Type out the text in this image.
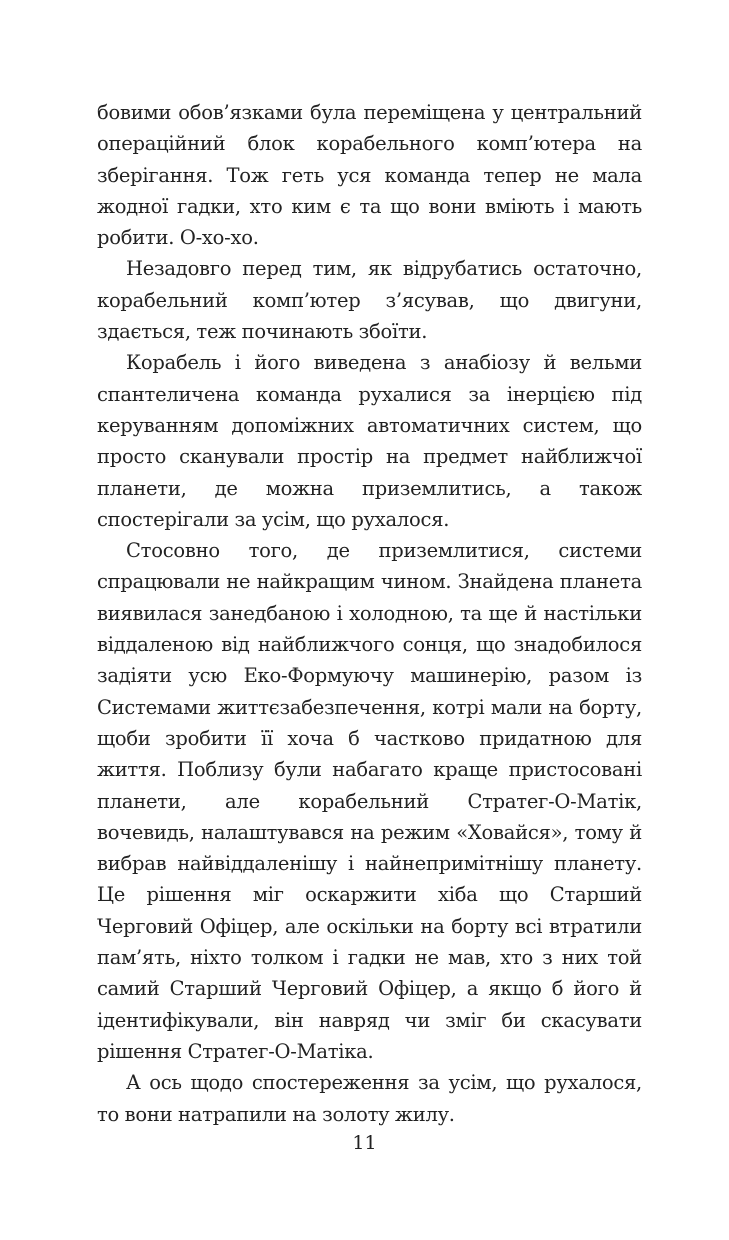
бовими обов’язками була переміщена у центральний операційний блок корабельного комп’ютера на зберігання. Тож геть уся команда тепер не мала жодної гадки, хто ким є та що вони вміють і мають робити. О-хо-хо.

Незадовго перед тим, як відрубатись остаточно, корабельний комп’ютер з’ясував, що двигуни, здається, теж починають збоїти.

Корабель і його виведена з анабіозу й вельми спантеличена команда рухалися за інерцією під керуванням допоміжних автоматичних систем, що просто сканували простір на предмет найближчої планети, де можна приземлитись, а також спостерігали за усім, що рухалося.

Стосовно того, де приземлитися, системи спрацювали не найкращим чином. Знайдена планета виявилася занедбаною і холодною, та ще й настільки віддаленою від найближчого сонця, що знадобилося задіяти усю Еко-Формуючу машинерію, разом із Системами життєзабезпечення, котрі мали на борту, щоби зробити її хоча б частково придатною для життя. Поблизу були набагато краще пристосовані планети, але корабельний Стратег-О-Матік, вочевидь, налаштувався на режим «Ховайся», тому й вибрав найвіддаленішу і найнепримітнішу планету. Це рішення міг оскаржити хіба що Старший Черговий Офіцер, але оскільки на борту всі втратили пам’ять, ніхто толком і гадки не мав, хто з них той самий Старший Черговий Офіцер, а якщо б його й ідентифікували, він навряд чи зміг би скасувати рішення Стратег-О-Матіка.

А ось щодо спостереження за усім, що рухалося, то вони натрапили на золоту жилу.

11
